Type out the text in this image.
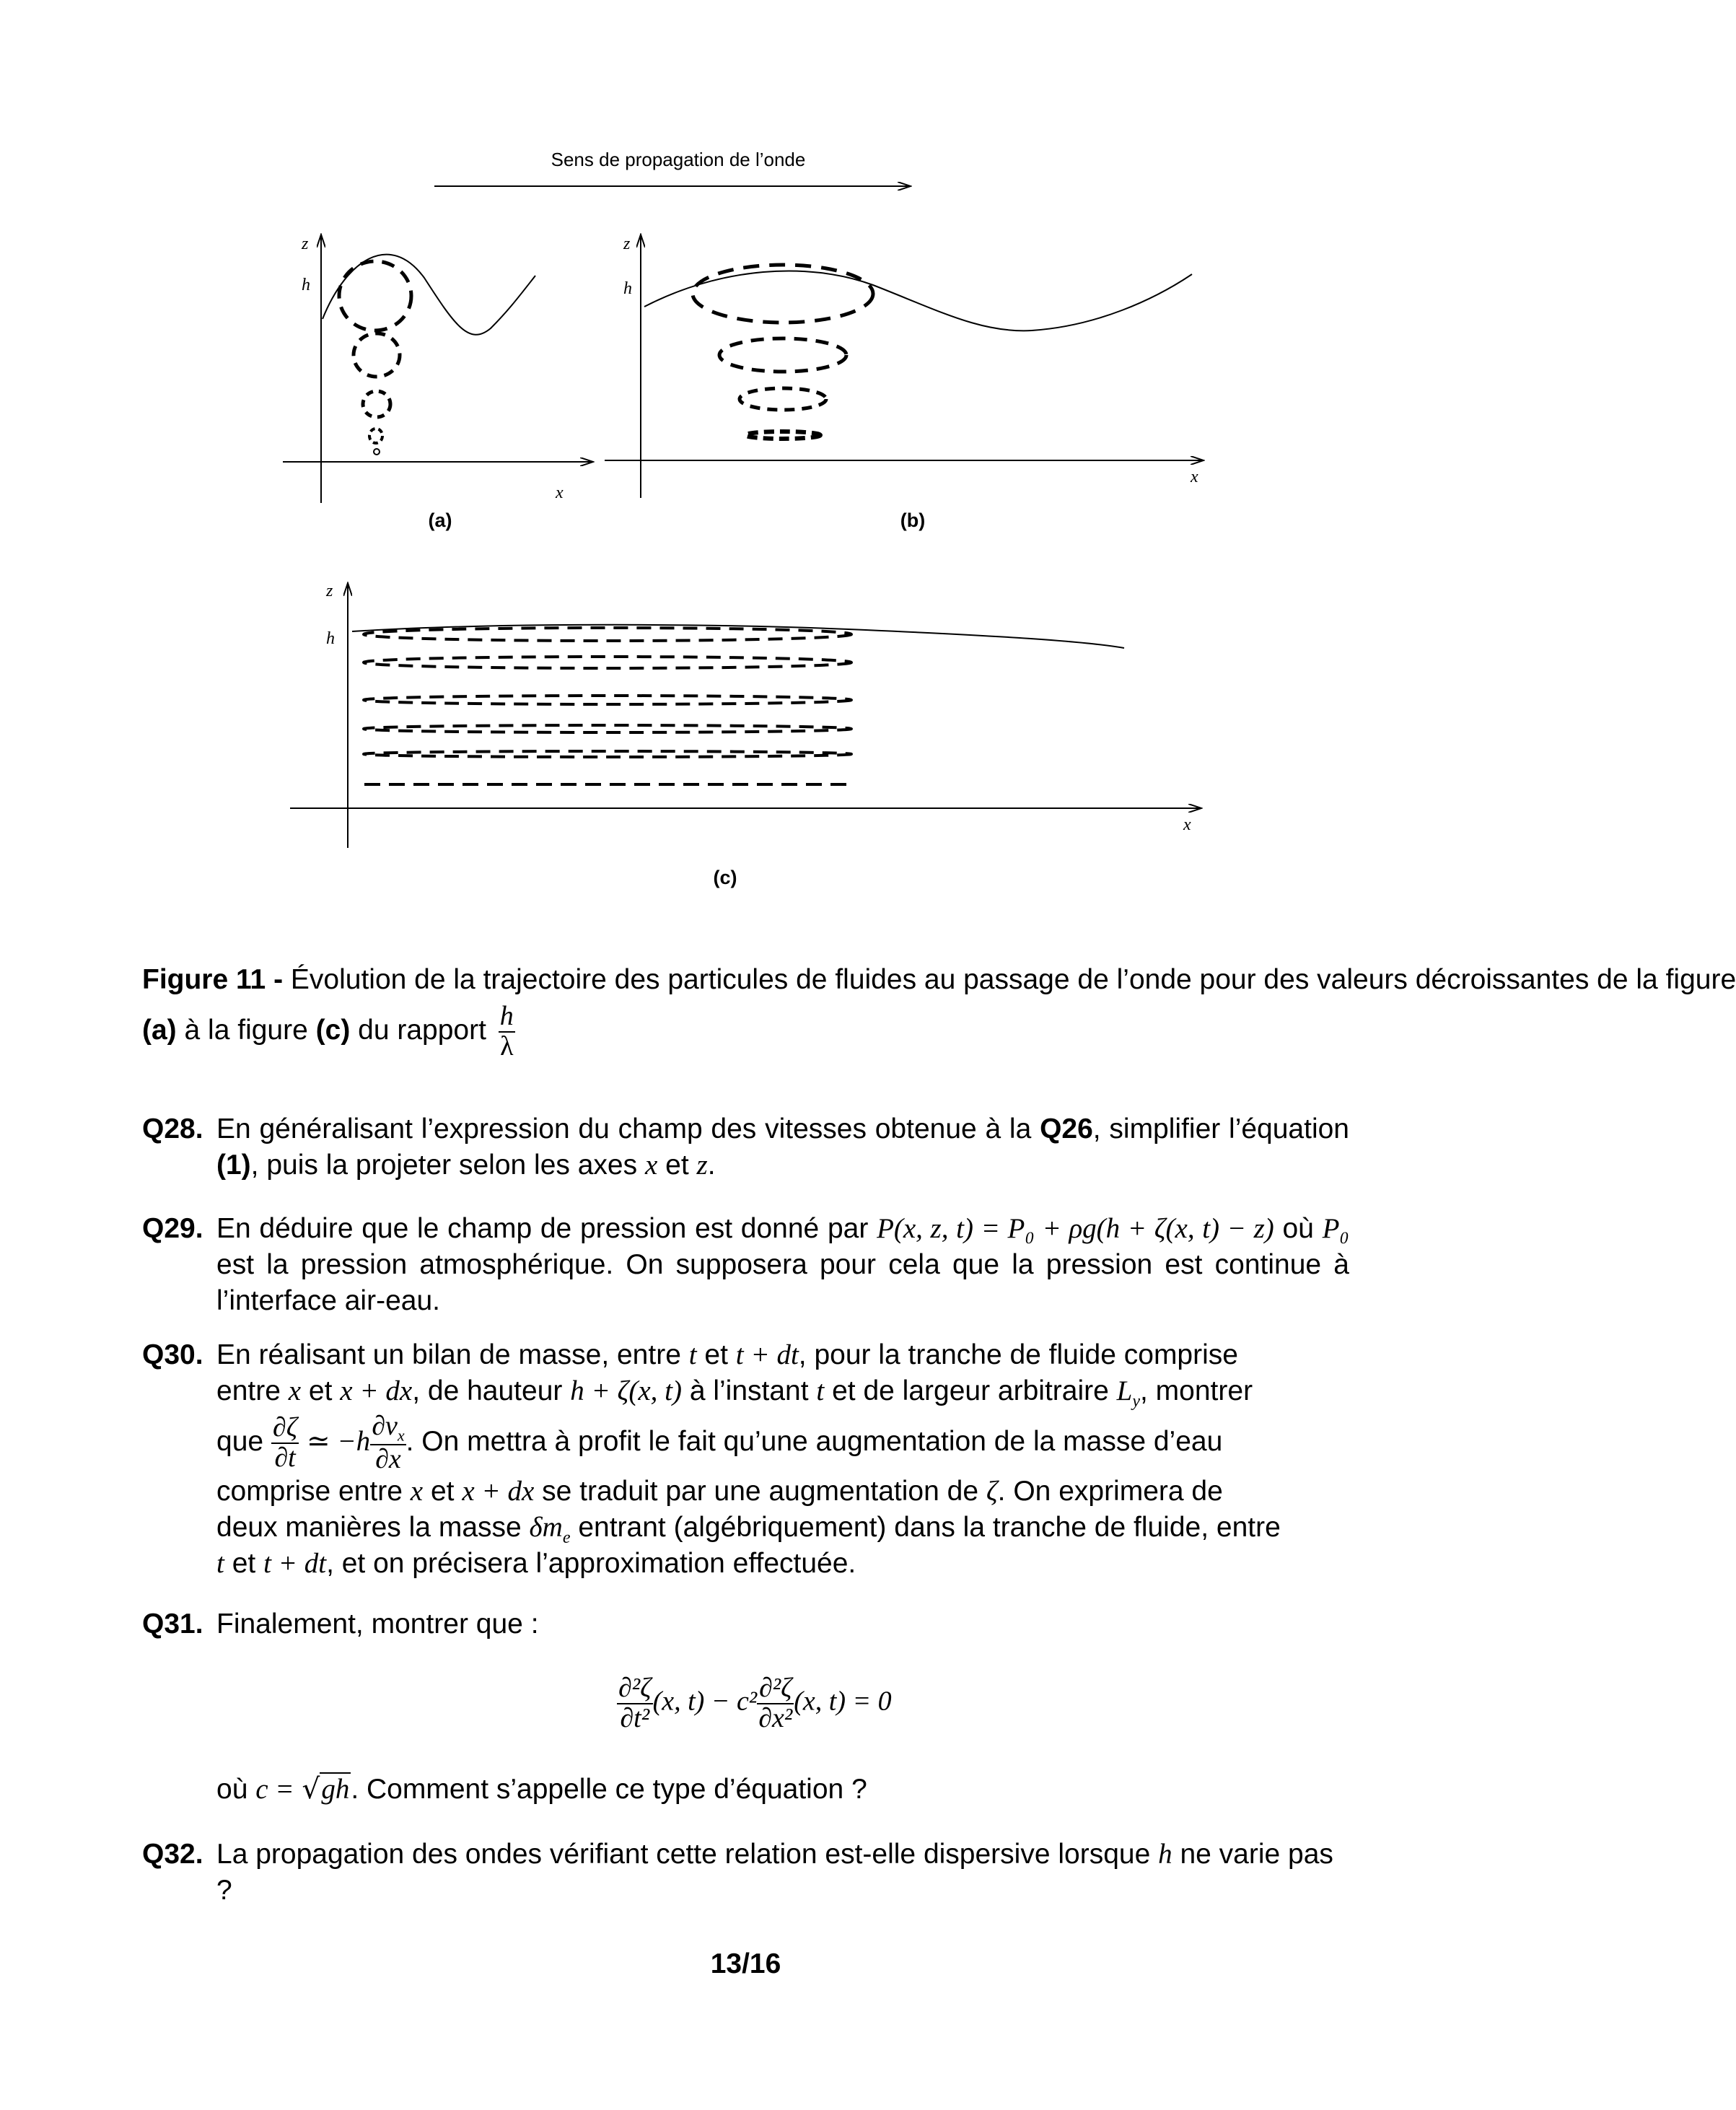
Sens de propagation de l’onde
z
h
x
(a)
z
h
x
(b)
z
h
x
(c)
Figure 11 - Évolution de la trajectoire des particules de fluides au passage de l’onde pour des valeurs décroissantes de la figure
(a) à la figure (c) du rapport $\frac{h}{\lambda}$
Q28. En généralisant l’expression du champ des vitesses obtenue à la Q26, simplifier l’équation (1), puis la projeter selon les axes x et z.
Q29. En déduire que le champ de pression est donné par P(x, z, t) = P₀ + ρg(h + ζ(x, t) − z) où P₀ est la pression atmosphérique. On supposera pour cela que la pression est continue à l’interface air-eau.
Q30. En réalisant un bilan de masse, entre t et t + dt, pour la tranche de fluide comprise
entre x et x + dx, de hauteur h + ζ(x, t) à l’instant t et de largeur arbitraire $L_y$, montrer
que $\frac{\partial\zeta}{\partial t}$ ≃ $-h \frac{\partial v_x}{\partial x}$ . On mettra à profit le fait qu’une augmentation de la masse d’eau
comprise entre x et x + dx se traduit par une augmentation de ζ. On exprimera de
deux manières la masse $\delta m_e$ entrant (algébriquement) dans la tranche de fluide, entre
t et t + dt, et on précisera l’approximation effectuée.
Q31. Finalement, montrer que :
$\frac{\text{∂²ζ}}{\text{∂t²}} (x$, $t) - c^2 \frac{\text{∂²ζ}}{\text{∂x²}} (x$, t) = 0
où c = √gh. Comment s’appelle ce type d’équation ?
Q32. La propagation des ondes vérifiant cette relation est-elle dispersive lorsque h ne varie pas ?
13/16
